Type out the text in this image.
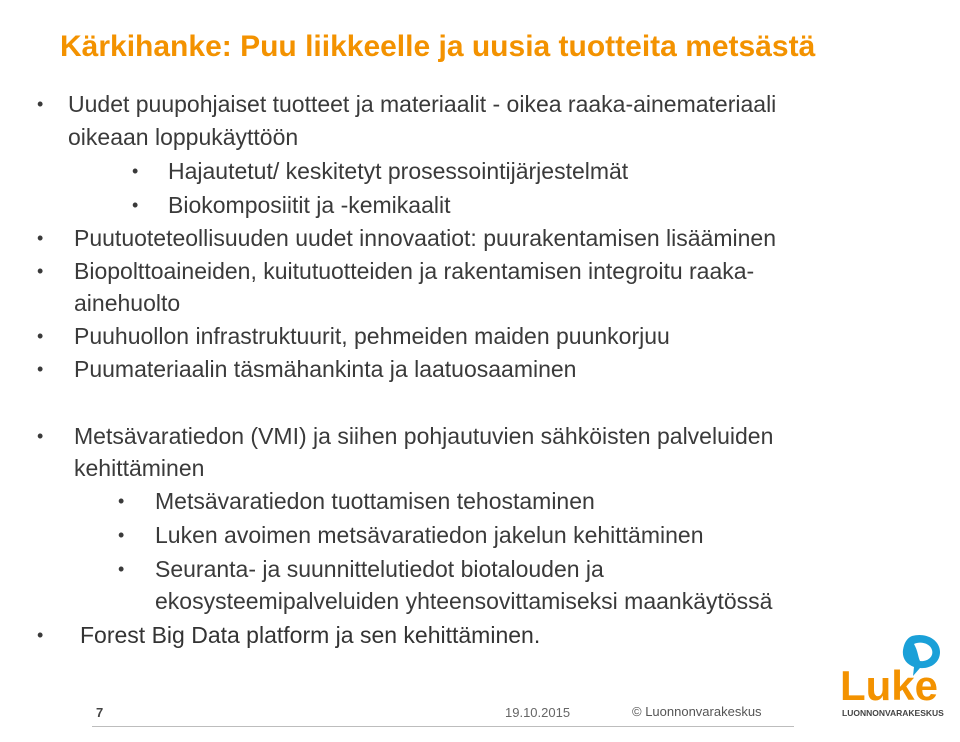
Kärkihanke: Puu liikkeelle ja uusia tuotteita metsästä
• Uudet puupohjaiset tuotteet ja materiaalit - oikea raaka-ainemateriaali
oikeaan loppukäyttöön
• Hajautetut/ keskitetyt prosessointijärjestelmät
• Biokomposiitit ja -kemikaalit
• Puutuoteteollisuuden uudet innovaatiot: puurakentamisen lisääminen
• Biopolttoaineiden, kuitutuotteiden ja rakentamisen integroitu raaka-
ainehuolto
• Puuhuollon infrastruktuurit, pehmeiden maiden puunkorjuu
• Puumateriaalin täsmähankinta ja laatuosaaminen
• Metsävaratiedon (VMI) ja siihen pohjautuvien sähköisten palveluiden
kehittäminen
• Metsävaratiedon tuottamisen tehostaminen
• Luken avoimen metsävaratiedon jakelun kehittäminen
• Seuranta- ja suunnittelutiedot biotalouden ja
ekosysteemipalveluiden yhteensovittamiseksi maankäytössä
• Forest Big Data platform ja sen kehittäminen.
7	19.10.2015	© Luonnonvarakeskus
Luke
LUONNONVARAKESKUS
